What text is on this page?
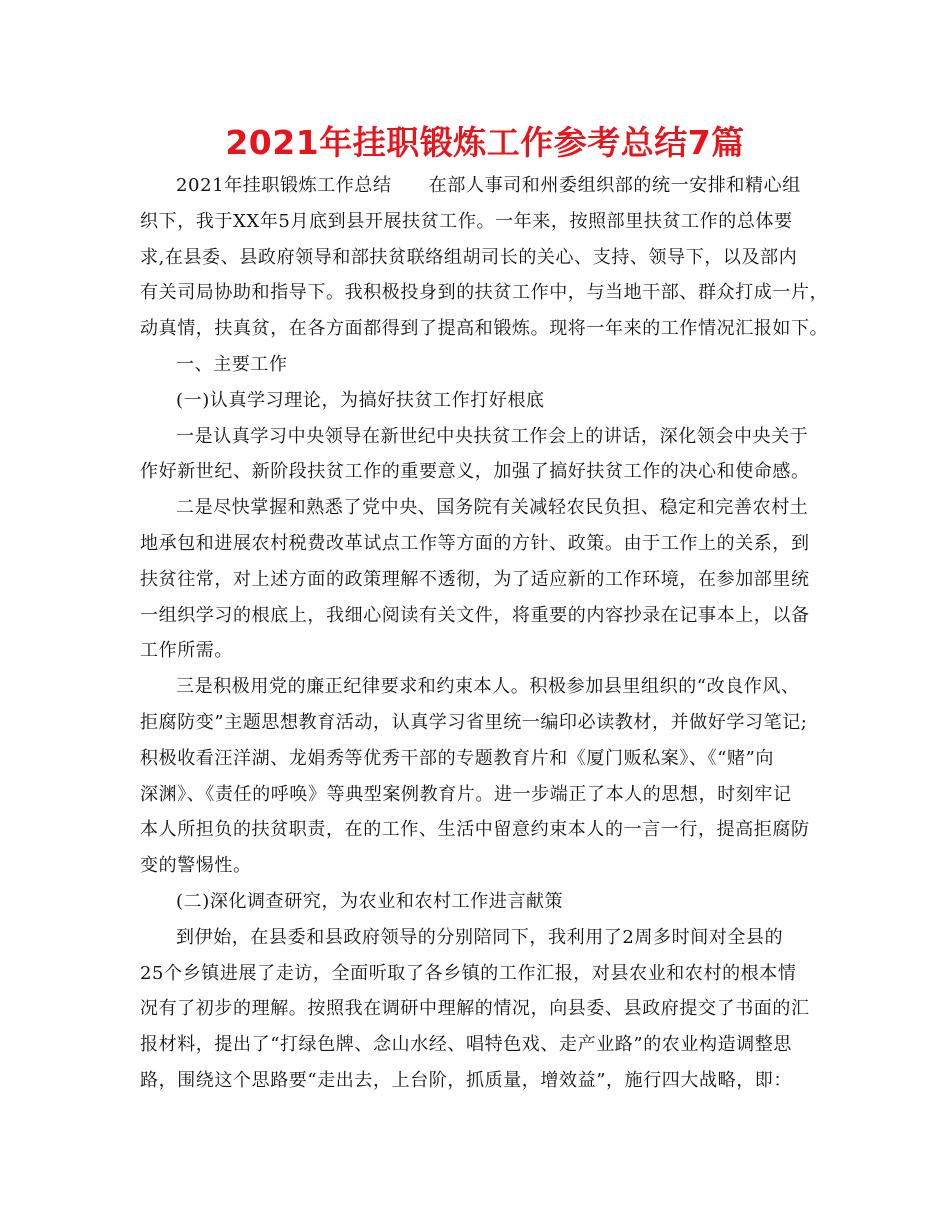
2021年挂职锻炼工作参考总结7篇
2021年挂职锻炼工作总结　　在部人事司和州委组织部的统一安排和精心组
织下，我于XX年5月底到县开展扶贫工作。一年来，按照部里扶贫工作的总体要
求,在县委、县政府领导和部扶贫联络组胡司长的关心、支持、领导下，以及部内
有关司局协助和指导下。我积极投身到的扶贫工作中，与当地干部、群众打成一片，
动真情，扶真贫，在各方面都得到了提高和锻炼。现将一年来的工作情况汇报如下。
一、主要工作
(一)认真学习理论，为搞好扶贫工作打好根底
一是认真学习中央领导在新世纪中央扶贫工作会上的讲话，深化领会中央关于
作好新世纪、新阶段扶贫工作的重要意义，加强了搞好扶贫工作的决心和使命感。
二是尽快掌握和熟悉了党中央、国务院有关减轻农民负担、稳定和完善农村土
地承包和进展农村税费改革试点工作等方面的方针、政策。由于工作上的关系，到
扶贫往常，对上述方面的政策理解不透彻，为了适应新的工作环境，在参加部里统
一组织学习的根底上，我细心阅读有关文件，将重要的内容抄录在记事本上，以备
工作所需。
三是积极用党的廉正纪律要求和约束本人。积极参加县里组织的“改良作风、
拒腐防变”主题思想教育活动，认真学习省里统一编印必读教材，并做好学习笔记;
积极收看汪洋湖、龙娟秀等优秀干部的专题教育片和《厦门贩私案》、《“赌”向
深渊》、《责任的呼唤》等典型案例教育片。进一步端正了本人的思想，时刻牢记
本人所担负的扶贫职责，在的工作、生活中留意约束本人的一言一行，提高拒腐防
变的警惕性。
(二)深化调查研究，为农业和农村工作进言献策
到伊始，在县委和县政府领导的分别陪同下，我利用了2周多时间对全县的
25个乡镇进展了走访，全面听取了各乡镇的工作汇报，对县农业和农村的根本情
况有了初步的理解。按照我在调研中理解的情况，向县委、县政府提交了书面的汇
报材料，提出了“打绿色牌、念山水经、唱特色戏、走产业路”的农业构造调整思
路，围绕这个思路要“走出去，上台阶，抓质量，增效益”，施行四大战略，即：
